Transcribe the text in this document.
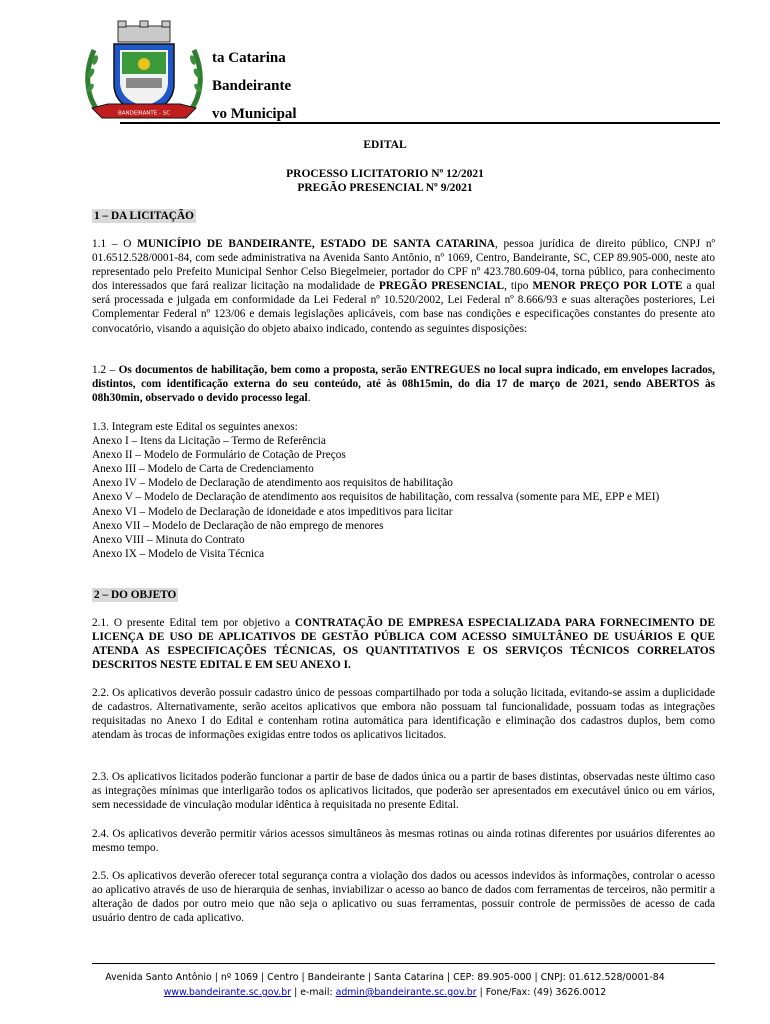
BANDEIRANTE - SC
ta Catarina
Bandeirante
vo Municipal
EDITAL
PROCESSO LICITATORIO Nº 12/2021
PREGÃO PRESENCIAL Nº 9/2021
1 – DA LICITAÇÃO
1.1 – O MUNICÍPIO DE BANDEIRANTE, ESTADO DE SANTA CATARINA, pessoa jurídica de direito público, CNPJ nº 01.6512.528/0001-84, com sede administrativa na Avenida Santo Antônio, nº 1069, Centro, Bandeirante, SC, CEP 89.905-000, neste ato representado pelo Prefeito Municipal Senhor Celso Biegelmeier, portador do CPF nº 423.780.609-04, torna público, para conhecimento dos interessados que fará realizar licitação na modalidade de PREGÃO PRESENCIAL, tipo MENOR PREÇO POR LOTE a qual será processada e julgada em conformidade da Lei Federal nº 10.520/2002, Lei Federal nº 8.666/93 e suas alterações posteriores, Lei Complementar Federal nº 123/06 e demais legislações aplicáveis, com base nas condições e especificações constantes do presente ato convocatório, visando a aquisição do objeto abaixo indicado, contendo as seguintes disposições:
1.2 – Os documentos de habilitação, bem como a proposta, serão ENTREGUES no local supra indicado, em envelopes lacrados, distintos, com identificação externa do seu conteúdo, até às 08h15min, do dia 17 de março de 2021, sendo ABERTOS às 08h30min, observado o devido processo legal.
1.3. Integram este Edital os seguintes anexos:
Anexo I – Itens da Licitação – Termo de Referência
Anexo II – Modelo de Formulário de Cotação de Preços
Anexo III – Modelo de Carta de Credenciamento
Anexo IV – Modelo de Declaração de atendimento aos requisitos de habilitação
Anexo V – Modelo de Declaração de atendimento aos requisitos de habilitação, com ressalva (somente para ME, EPP e MEI)
Anexo VI – Modelo de Declaração de idoneidade e atos impeditivos para licitar
Anexo VII – Modelo de Declaração de não emprego de menores
Anexo VIII – Minuta do Contrato
Anexo IX – Modelo de Visita Técnica
2 – DO OBJETO
2.1. O presente Edital tem por objetivo a CONTRATAÇÃO DE EMPRESA ESPECIALIZADA PARA FORNECIMENTO DE LICENÇA DE USO DE APLICATIVOS DE GESTÃO PÚBLICA COM ACESSO SIMULTÂNEO DE USUÁRIOS E QUE ATENDA AS ESPECIFICAÇÕES TÉCNICAS, OS QUANTITATIVOS E OS SERVIÇOS TÉCNICOS CORRELATOS DESCRITOS NESTE EDITAL E EM SEU ANEXO I.
2.2. Os aplicativos deverão possuir cadastro único de pessoas compartilhado por toda a solução licitada, evitando-se assim a duplicidade de cadastros. Alternativamente, serão aceitos aplicativos que embora não possuam tal funcionalidade, possuam todas as integrações requisitadas no Anexo I do Edital e contenham rotina automática para identificação e eliminação dos cadastros duplos, bem como atendam às trocas de informações exigidas entre todos os aplicativos licitados.
2.3. Os aplicativos licitados poderão funcionar a partir de base de dados única ou a partir de bases distintas, observadas neste último caso as integrações mínimas que interligarão todos os aplicativos licitados, que poderão ser apresentados em executável único ou em vários, sem necessidade de vinculação modular idêntica à requisitada no presente Edital.
2.4. Os aplicativos deverão permitir vários acessos simultâneos às mesmas rotinas ou ainda rotinas diferentes por usuários diferentes ao mesmo tempo.
2.5. Os aplicativos deverão oferecer total segurança contra a violação dos dados ou acessos indevidos às informações, controlar o acesso ao aplicativo através de uso de hierarquia de senhas, inviabilizar o acesso ao banco de dados com ferramentas de terceiros, não permitir a alteração de dados por outro meio que não seja o aplicativo ou suas ferramentas, possuir controle de permissões de acesso de cada usuário dentro de cada aplicativo.
Avenida Santo Antônio | nº 1069 | Centro | Bandeirante | Santa Catarina | CEP: 89.905-000 | CNPJ: 01.612.528/0001-84
www.bandeirante.sc.gov.br | e-mail: admin@bandeirante.sc.gov.br | Fone/Fax: (49) 3626.0012
